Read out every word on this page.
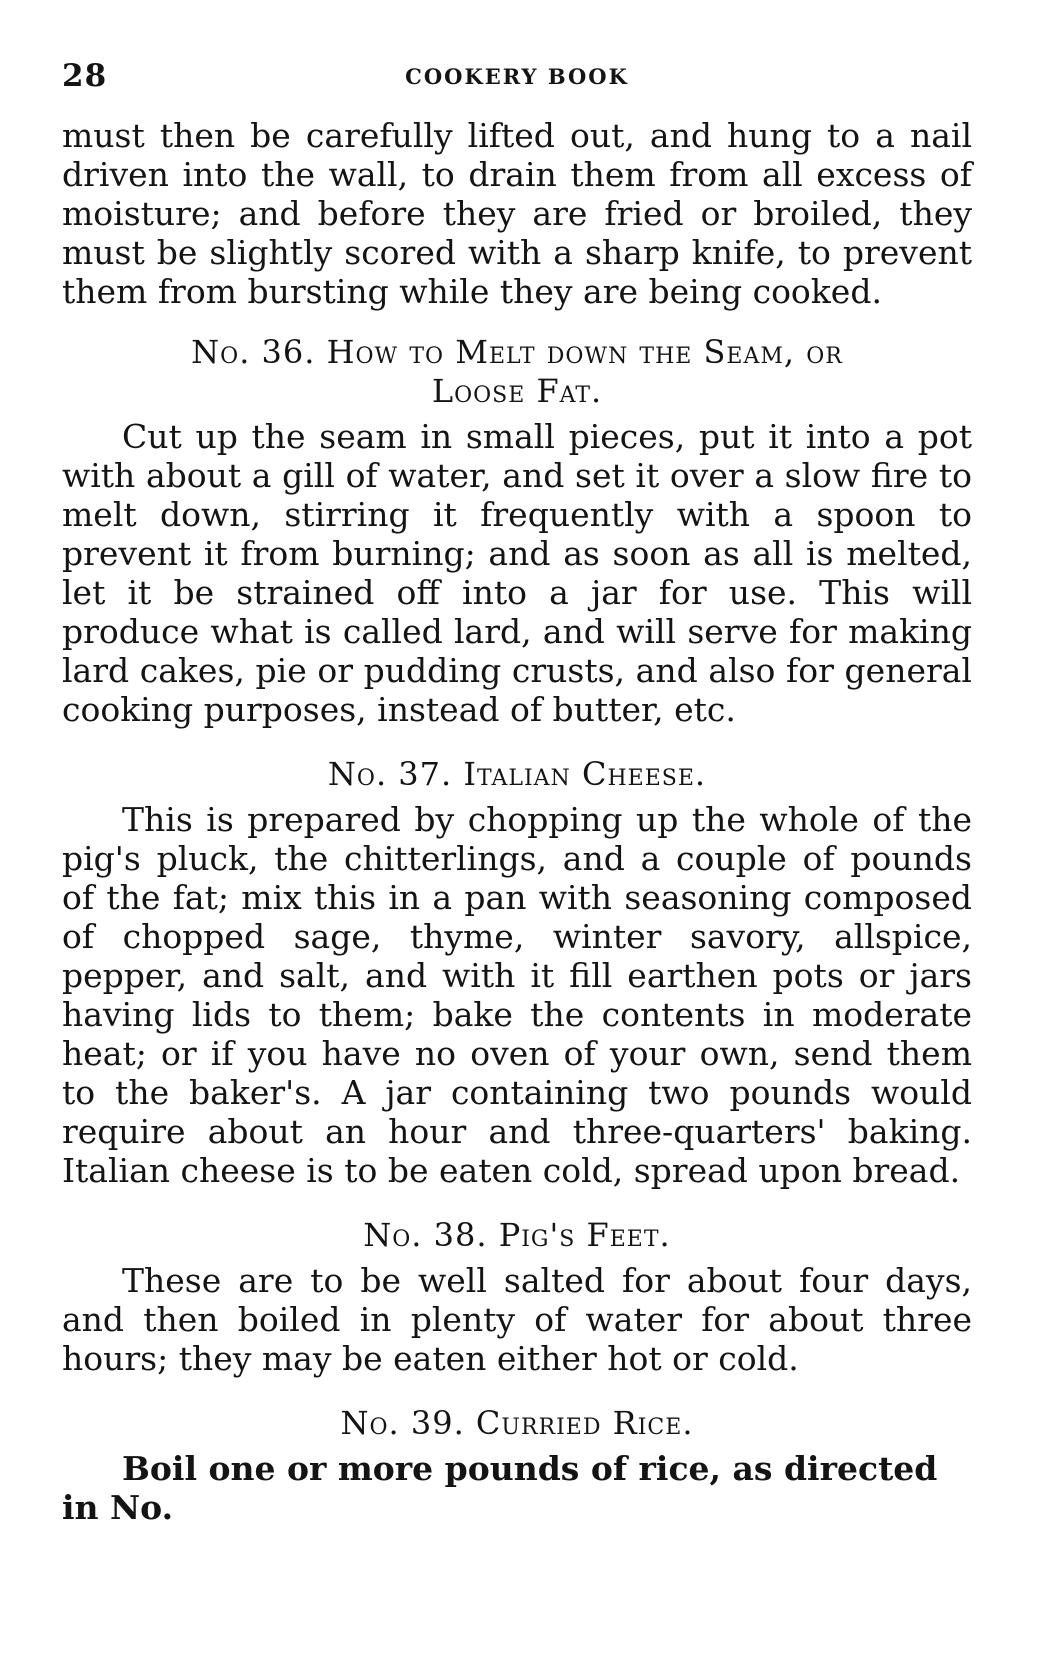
28	COOKERY BOOK

must then be carefully lifted out, and hung to a nail driven into the wall, to drain them from all excess of moisture; and before they are fried or broiled, they must be slightly scored with a sharp knife, to prevent them from bursting while they are being cooked.

No. 36. How to Melt down the Seam, or
Loose Fat.

Cut up the seam in small pieces, put it into a pot with about a gill of water, and set it over a slow fire to melt down, stirring it frequently with a spoon to prevent it from burning; and as soon as all is melted, let it be strained off into a jar for use. This will produce what is called lard, and will serve for making lard cakes, pie or pudding crusts, and also for general cooking purposes, instead of butter, etc.

No. 37. Italian Cheese.

This is prepared by chopping up the whole of the pig's pluck, the chitterlings, and a couple of pounds of the fat; mix this in a pan with seasoning composed of chopped sage, thyme, winter savory, allspice, pepper, and salt, and with it fill earthen pots or jars having lids to them; bake the contents in moderate heat; or if you have no oven of your own, send them to the baker's. A jar containing two pounds would require about an hour and three-quarters' baking. Italian cheese is to be eaten cold, spread upon bread.

No. 38. Pig's Feet.

These are to be well salted for about four days, and then boiled in plenty of water for about three hours; they may be eaten either hot or cold.

No. 39. Curried Rice.

Boil one or more pounds of rice, as directed in No.
